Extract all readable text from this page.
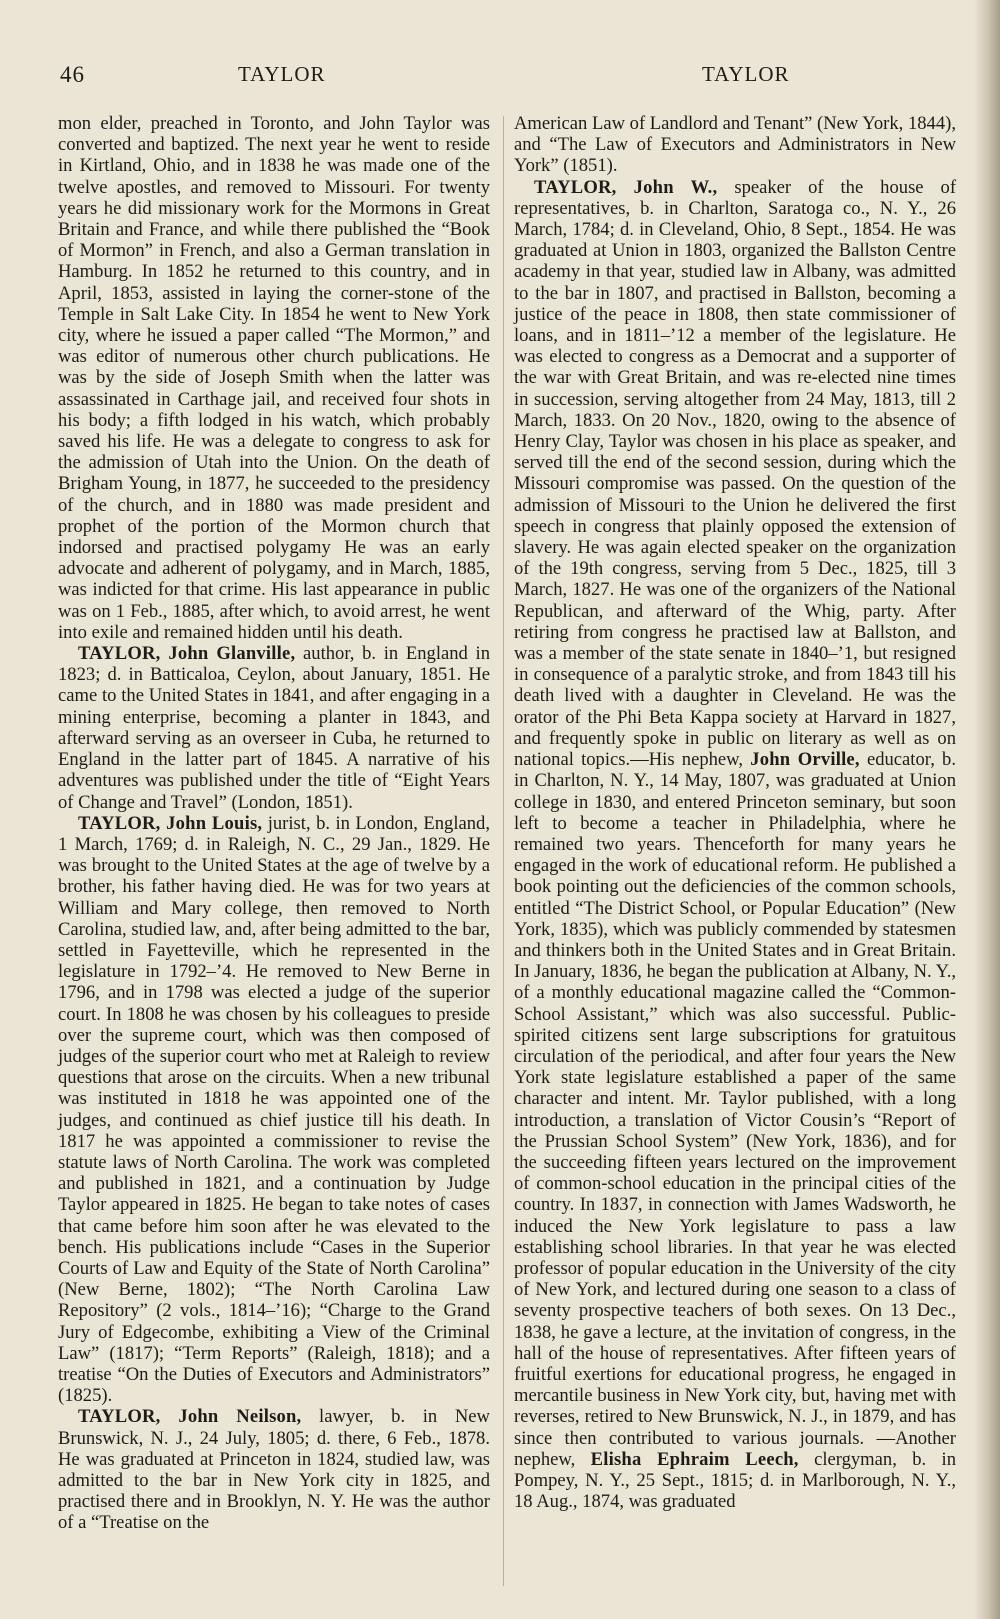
46	TAYLOR	TAYLOR

mon elder, preached in Toronto, and John Taylor was converted and baptized. The next year he went to reside in Kirtland, Ohio, and in 1838 he was made one of the twelve apostles, and removed to Missouri. For twenty years he did missionary work for the Mormons in Great Britain and France, and while there published the “Book of Mormon” in French, and also a German translation in Hamburg. In 1852 he returned to this country, and in April, 1853, assisted in laying the corner-stone of the Temple in Salt Lake City. In 1854 he went to New York city, where he issued a paper called “The Mormon,” and was editor of numerous other church publications. He was by the side of Joseph Smith when the latter was assassinated in Carthage jail, and received four shots in his body; a fifth lodged in his watch, which probably saved his life. He was a delegate to congress to ask for the admission of Utah into the Union. On the death of Brigham Young, in 1877, he succeeded to the presidency of the church, and in 1880 was made president and prophet of the portion of the Mormon church that indorsed and practised polygamy He was an early advocate and adherent of polygamy, and in March, 1885, was indicted for that crime. His last appearance in public was on 1 Feb., 1885, after which, to avoid arrest, he went into exile and remained hidden until his death.

TAYLOR, John Glanville, author, b. in England in 1823; d. in Batticaloa, Ceylon, about January, 1851. He came to the United States in 1841, and after engaging in a mining enterprise, becoming a planter in 1843, and afterward serving as an overseer in Cuba, he returned to England in the latter part of 1845. A narrative of his adventures was published under the title of “Eight Years of Change and Travel” (London, 1851).

TAYLOR, John Louis, jurist, b. in London, England, 1 March, 1769; d. in Raleigh, N. C., 29 Jan., 1829. He was brought to the United States at the age of twelve by a brother, his father having died. He was for two years at William and Mary college, then removed to North Carolina, studied law, and, after being admitted to the bar, settled in Fayetteville, which he represented in the legislature in 1792–’4. He removed to New Berne in 1796, and in 1798 was elected a judge of the superior court. In 1808 he was chosen by his colleagues to preside over the supreme court, which was then composed of judges of the superior court who met at Raleigh to review questions that arose on the circuits. When a new tribunal was instituted in 1818 he was appointed one of the judges, and continued as chief justice till his death. In 1817 he was appointed a commissioner to revise the statute laws of North Carolina. The work was completed and published in 1821, and a continuation by Judge Taylor appeared in 1825. He began to take notes of cases that came before him soon after he was elevated to the bench. His publications include “Cases in the Superior Courts of Law and Equity of the State of North Carolina” (New Berne, 1802); “The North Carolina Law Repository” (2 vols., 1814–’16); “Charge to the Grand Jury of Edgecombe, exhibiting a View of the Criminal Law” (1817); “Term Reports” (Raleigh, 1818); and a treatise “On the Duties of Executors and Administrators” (1825).

TAYLOR, John Neilson, lawyer, b. in New Brunswick, N. J., 24 July, 1805; d. there, 6 Feb., 1878. He was graduated at Princeton in 1824, studied law, was admitted to the bar in New York city in 1825, and practised there and in Brooklyn, N. Y. He was the author of a “Treatise on the

American Law of Landlord and Tenant” (New York, 1844), and “The Law of Executors and Administrators in New York” (1851).

TAYLOR, John W., speaker of the house of representatives, b. in Charlton, Saratoga co., N. Y., 26 March, 1784; d. in Cleveland, Ohio, 8 Sept., 1854. He was graduated at Union in 1803, organized the Ballston Centre academy in that year, studied law in Albany, was admitted to the bar in 1807, and practised in Ballston, becoming a justice of the peace in 1808, then state commissioner of loans, and in 1811–’12 a member of the legislature. He was elected to congress as a Democrat and a supporter of the war with Great Britain, and was re-elected nine times in succession, serving altogether from 24 May, 1813, till 2 March, 1833. On 20 Nov., 1820, owing to the absence of Henry Clay, Taylor was chosen in his place as speaker, and served till the end of the second session, during which the Missouri compromise was passed. On the question of the admission of Missouri to the Union he delivered the first speech in congress that plainly opposed the extension of slavery. He was again elected speaker on the organization of the 19th congress, serving from 5 Dec., 1825, till 3 March, 1827. He was one of the organizers of the National Republican, and afterward of the Whig, party. After retiring from congress he practised law at Ballston, and was a member of the state senate in 1840–’1, but resigned in consequence of a paralytic stroke, and from 1843 till his death lived with a daughter in Cleveland. He was the orator of the Phi Beta Kappa society at Harvard in 1827, and frequently spoke in public on literary as well as on national topics.—His nephew, John Orville, educator, b. in Charlton, N. Y., 14 May, 1807, was graduated at Union college in 1830, and entered Princeton seminary, but soon left to become a teacher in Philadelphia, where he remained two years. Thenceforth for many years he engaged in the work of educational reform. He published a book pointing out the deficiencies of the common schools, entitled “The District School, or Popular Education” (New York, 1835), which was publicly commended by statesmen and thinkers both in the United States and in Great Britain. In January, 1836, he began the publication at Albany, N. Y., of a monthly educational magazine called the “Common-School Assistant,” which was also successful. Public-spirited citizens sent large subscriptions for gratuitous circulation of the periodical, and after four years the New York state legislature established a paper of the same character and intent. Mr. Taylor published, with a long introduction, a translation of Victor Cousin’s “Report of the Prussian School System” (New York, 1836), and for the succeeding fifteen years lectured on the improvement of common-school education in the principal cities of the country. In 1837, in connection with James Wadsworth, he induced the New York legislature to pass a law establishing school libraries. In that year he was elected professor of popular education in the University of the city of New York, and lectured during one season to a class of seventy prospective teachers of both sexes. On 13 Dec., 1838, he gave a lecture, at the invitation of congress, in the hall of the house of representatives. After fifteen years of fruitful exertions for educational progress, he engaged in mercantile business in New York city, but, having met with reverses, retired to New Brunswick, N. J., in 1879, and has since then contributed to various journals. —Another nephew, Elisha Ephraim Leech, clergyman, b. in Pompey, N. Y., 25 Sept., 1815; d. in Marlborough, N. Y., 18 Aug., 1874, was graduated
